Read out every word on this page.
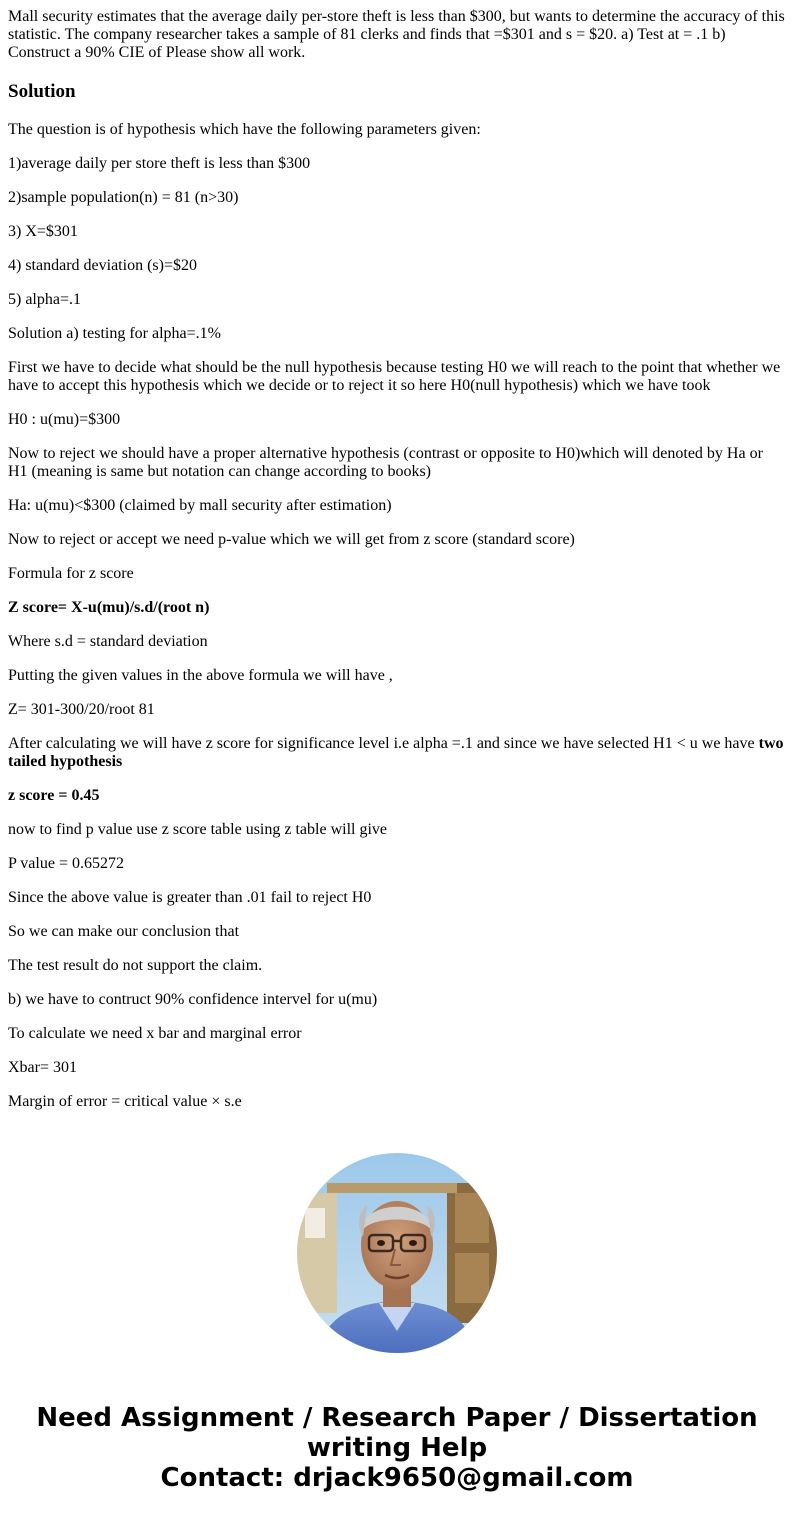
Mall security estimates that the average daily per-store theft is less than $300, but wants to determine the accuracy of this statistic. The company researcher takes a sample of 81 clerks and finds that =$301 and s = $20. a) Test at = .1 b) Construct a 90% CIE of Please show all work.
Solution

The question is of hypothesis which have the following parameters given:

1)average daily per store theft is less than $300

2)sample population(n) = 81 (n>30)

3) X=$301

4) standard deviation (s)=$20

5) alpha=.1

Solution a) testing for alpha=.1%

First we have to decide what should be the null hypothesis because testing H0 we will reach to the point that whether we have to accept this hypothesis which we decide or to reject it so here H0(null hypothesis) which we have took

H0 : u(mu)=$300

Now to reject we should have a proper alternative hypothesis (contrast or opposite to H0)which will denoted by Ha or H1 (meaning is same but notation can change according to books)

Ha: u(mu)<$300 (claimed by mall security after estimation)

Now to reject or accept we need p-value which we will get from z score (standard score)

Formula for z score

Z score= X-u(mu)/s.d/(root n)

Where s.d = standard deviation

Putting the given values in the above formula we will have ,

Z= 301-300/20/root 81

After calculating we will have z score for significance level i.e alpha =.1 and since we have selected H1 < u we have two tailed hypothesis

z score = 0.45

now to find p value use z score table using z table will give

P value = 0.65272

Since the above value is greater than .01 fail to reject H0

So we can make our conclusion that

The test result do not support the claim.

b) we have to contruct 90% confidence intervel for u(mu)

To calculate we need x bar and marginal error

Xbar= 301

Margin of error = critical value × s.e

Need Assignment / Research Paper / Dissertation
writing Help
Contact: drjack9650@gmail.com
